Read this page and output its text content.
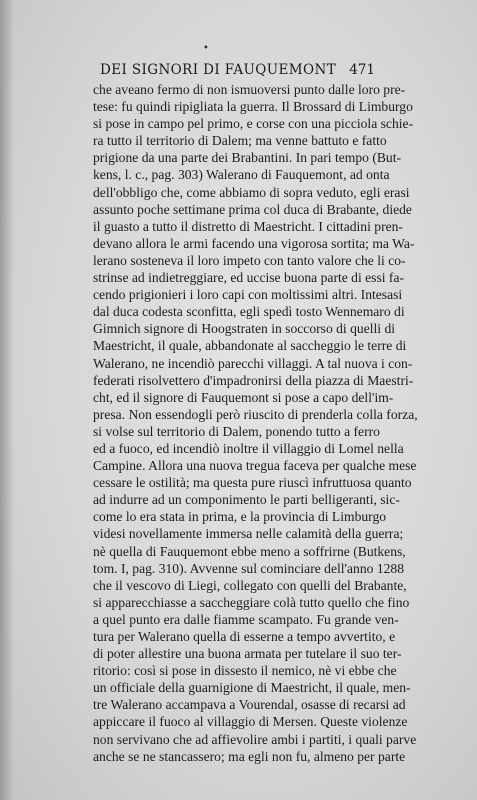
•
DEI SIGNORI DI FAUQUEMONT 471
che aveano fermo di non ismuoversi punto dalle loro pre-
tese: fu quindi ripigliata la guerra. Il Brossard di Limburgo
si pose in campo pel primo, e corse con una picciola schie-
ra tutto il territorio di Dalem; ma venne battuto e fatto
prigione da una parte dei Brabantini. In pari tempo (But-
kens, l. c., pag. 303) Walerano di Fauquemont, ad onta
dell'obbligo che, come abbiamo di sopra veduto, egli erasi
assunto poche settimane prima col duca di Brabante, diede
il guasto a tutto il distretto di Maestricht. I cittadini pren-
devano allora le armi facendo una vigorosa sortita; ma Wa-
lerano sosteneva il loro impeto con tanto valore che li co-
strinse ad indietreggiare, ed uccise buona parte di essi fa-
cendo prigionieri i loro capi con moltissimi altri. Intesasi
dal duca codesta sconfitta, egli spedì tosto Wennemaro di
Gimnich signore di Hoogstraten in soccorso di quelli di
Maestricht, il quale, abbandonate al saccheggio le terre di
Walerano, ne incendiò parecchi villaggi. A tal nuova i con-
federati risolvettero d'impadronirsi della piazza di Maestri-
cht, ed il signore di Fauquemont si pose a capo dell'im-
presa. Non essendogli però riuscito di prenderla colla forza,
si volse sul territorio di Dalem, ponendo tutto a ferro
ed a fuoco, ed incendiò inoltre il villaggio di Lomel nella
Campine. Allora una nuova tregua faceva per qualche mese
cessare le ostilità; ma questa pure riuscì infruttuosa quanto
ad indurre ad un componimento le parti belligeranti, sic-
come lo era stata in prima, e la provincia di Limburgo
videsi novellamente immersa nelle calamità della guerra;
nè quella di Fauquemont ebbe meno a soffrirne (Butkens,
tom. I, pag. 310). Avvenne sul cominciare dell'anno 1288
che il vescovo di Liegi, collegato con quelli del Brabante,
si apparecchiasse a saccheggiare colà tutto quello che fino
a quel punto era dalle fiamme scampato. Fu grande ven-
tura per Walerano quella di esserne a tempo avvertito, e
di poter allestire una buona armata per tutelare il suo ter-
ritorio: così si pose in dissesto il nemico, nè vi ebbe che
un officiale della guarnigione di Maestricht, il quale, men-
tre Walerano accampava a Vourendal, osasse di recarsi ad
appiccare il fuoco al villaggio di Mersen. Queste violenze
non servivano che ad affievolire ambi i partiti, i quali parve
anche se ne stancassero; ma egli non fu, almeno per parte
